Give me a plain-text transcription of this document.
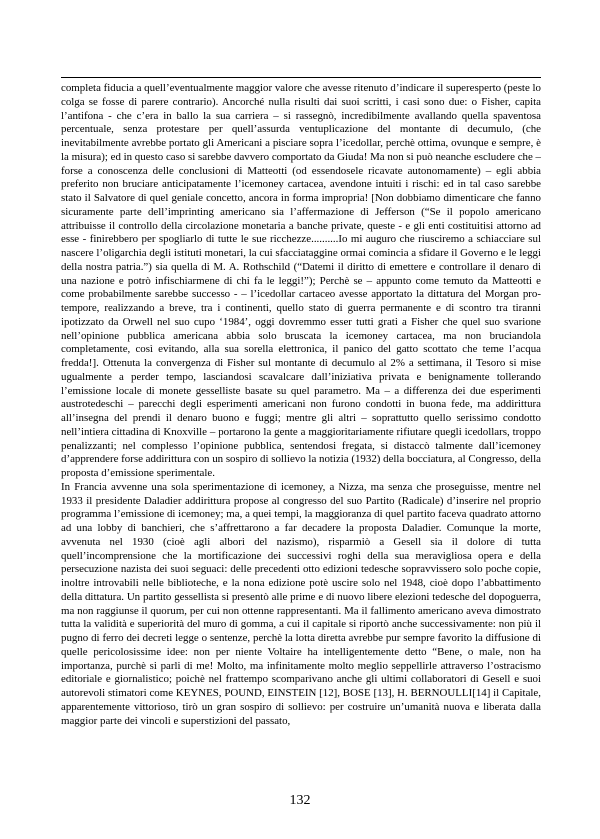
completa fiducia a quell’eventualmente maggior valore che avesse ritenuto d’indicare il superesperto (peste lo colga se fosse di parere contrario). Ancorché nulla risulti dai suoi scritti, i casi sono due: o Fisher, capita l’antifona - che c’era in ballo la sua carriera – si rassegnò, incredibilmente avallando quella spaventosa percentuale, senza protestare per quell’assurda ventuplicazione del montante di decumulo, (che inevitabilmente avrebbe portato gli Americani a pisciare sopra l’icedollar, perchè ottima, ovunque e sempre, è la misura); ed in questo caso si sarebbe davvero comportato da Giuda! Ma non si può neanche escludere che – forse a conoscenza delle conclusioni di Matteotti (od essendosele ricavate autonomamente) – egli abbia preferito non bruciare anticipatamente l’icemoney cartacea, avendone intuiti i rischi: ed in tal caso sarebbe stato il Salvatore di quel geniale concetto, ancora in forma impropria! [Non dobbiamo dimenticare che fanno sicuramente parte dell’imprinting americano sia l’affermazione di Jefferson (“Se il popolo americano attribuisse il controllo della circolazione monetaria a banche private, queste - e gli enti costituitisi attorno ad esse - finirebbero per spogliarlo di tutte le sue ricchezze..........Io mi auguro che riusciremo a schiacciare sul nascere l’oligarchia degli istituti monetari, la cui sfacciataggine ormai comincia a sfidare il Governo e le leggi della nostra patria.”) sia quella di M. A. Rothschild (“Datemi il diritto di emettere e controllare il denaro di una nazione e potrò infischiarmene di chi fa le leggi!”); Perchè se – appunto come temuto da Matteotti e come probabilmente sarebbe successo - – l’icedollar cartaceo avesse apportato la dittatura del Morgan pro-tempore, realizzando a breve, tra i continenti, quello stato di guerra permanente e di scontro tra tiranni ipotizzato da Orwell nel suo cupo ‘1984’, oggi dovremmo esser tutti grati a Fisher che quel suo svarione nell’opinione pubblica americana abbia solo bruscata la icemoney cartacea, ma non bruciandola completamente, così evitando, alla sua sorella elettronica, il panico del gatto scottato che teme l’acqua fredda!]. Ottenuta la convergenza di Fisher sul montante di decumulo al 2% a settimana, il Tesoro si mise ugualmente a perder tempo, lasciandosi scavalcare dall’iniziativa privata e benignamente tollerando l’emissione locale di monete gesselliste basate su quel parametro. Ma – a differenza dei due esperimenti austrotedeschi – parecchi degli esperimenti americani non furono condotti in buona fede, ma addirittura all’insegna del prendi il denaro buono e fuggi; mentre gli altri – soprattutto quello serissimo condotto nell’intiera cittadina di Knoxville – portarono la gente a maggioritariamente rifiutare quegli icedollars, troppo penalizzanti; nel complesso l’opinione pubblica, sentendosi fregata, si distaccò talmente dall’icemoney d’apprendere forse addirittura con un sospiro di sollievo la notizia (1932) della bocciatura, al Congresso, della proposta d’emissione sperimentale.

In Francia avvenne una sola sperimentazione di icemoney, a Nizza, ma senza che proseguisse, mentre nel 1933 il presidente Daladier addirittura propose al congresso del suo Partito (Radicale) d’inserire nel proprio programma l’emissione di icemoney; ma, a quei tempi, la maggioranza di quel partito faceva quadrato attorno ad una lobby di banchieri, che s’affrettarono a far decadere la proposta Daladier. Comunque la morte, avvenuta nel 1930 (cioè agli albori del nazismo), risparmiò a Gesell sia il dolore di tutta quell’incomprensione che la mortificazione dei successivi roghi della sua meravigliosa opera e della persecuzione nazista dei suoi seguaci: delle precedenti otto edizioni tedesche sopravvissero solo poche copie, inoltre introvabili nelle biblioteche, e la nona edizione potè uscire solo nel 1948, cioè dopo l’abbattimento della dittatura. Un partito gessellista si presentò alle prime e di nuovo libere elezioni tedesche del dopoguerra, ma non raggiunse il quorum, per cui non ottenne rappresentanti. Ma il fallimento americano aveva dimostrato tutta la validità e superiorità del muro di gomma, a cui il capitale si riportò anche successivamente: non più il pugno di ferro dei decreti legge o sentenze, perchè la lotta diretta avrebbe pur sempre favorito la diffusione di quelle pericolosissime idee: non per niente Voltaire ha intelligentemente detto “Bene, o male, non ha importanza, purchè si parli di me! Molto, ma infinitamente molto meglio seppellirle attraverso l’ostracismo editoriale e giornalistico; poichè nel frattempo scomparivano anche gli ultimi collaboratori di Gesell e suoi autorevoli stimatori come KEYNES, POUND, EINSTEIN [12], BOSE [13], H. BERNOULLI[14] il Capitale, apparentemente vittorioso, tirò un gran sospiro di sollievo: per costruire un’umanità nuova e liberata dalla maggior parte dei vincoli e superstizioni del passato,

132
